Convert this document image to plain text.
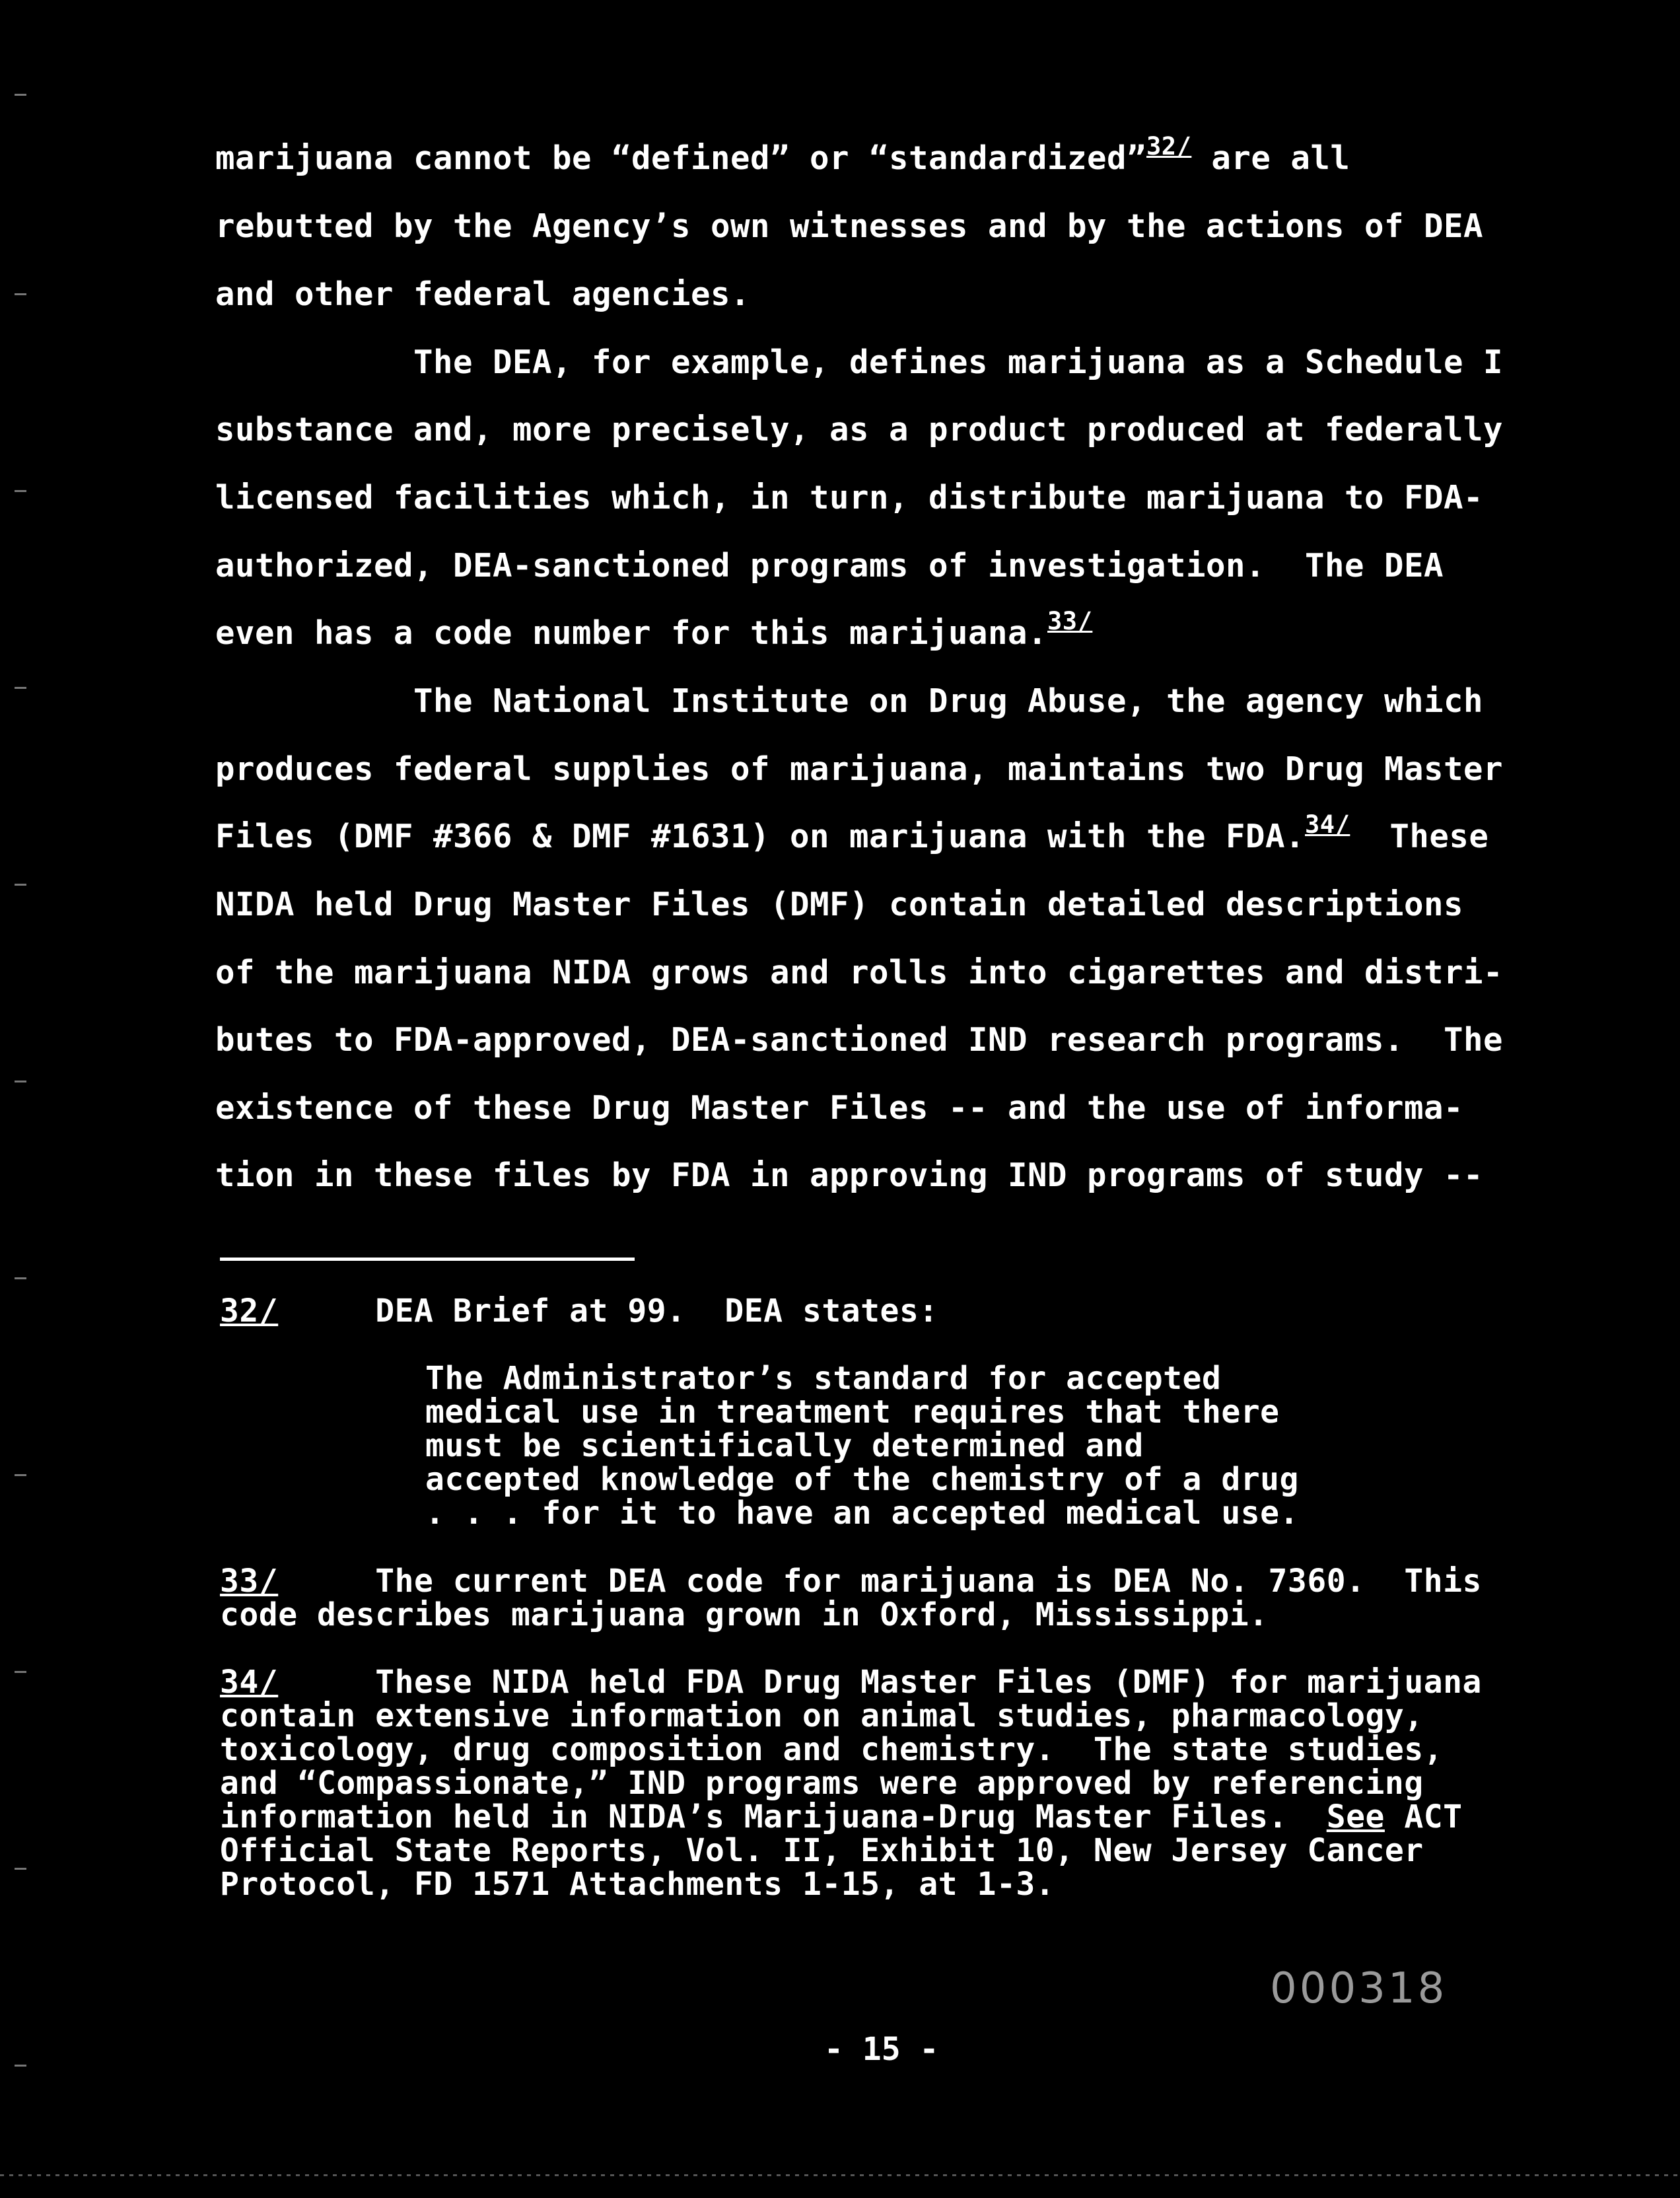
marijuana cannot be “defined” or “standardized”$^{32/}$ are all
rebutted by the Agency’s own witnesses and by the actions of DEA
and other federal agencies.
The DEA, for example, defines marijuana as a Schedule I
substance and, more precisely, as a product produced at federally
licensed facilities which, in turn, distribute marijuana to FDA-
authorized, DEA-sanctioned programs of investigation.  The DEA
even has a code number for this marijuana.$^{33/}$
The National Institute on Drug Abuse, the agency which
produces federal supplies of marijuana, maintains two Drug Master
Files (DMF #366 & DMF #1631) on marijuana with the FDA.$^{34/}$  These
NIDA held Drug Master Files (DMF) contain detailed descriptions
of the marijuana NIDA grows and rolls into cigarettes and distri-
butes to FDA-approved, DEA-sanctioned IND research programs.  The
existence of these Drug Master Files -- and the use of informa-
tion in these files by FDA in approving IND programs of study --
32/     DEA Brief at 99.  DEA states:
The Administrator’s standard for accepted
medical use in treatment requires that there
must be scientifically determined and
accepted knowledge of the chemistry of a drug
. . . for it to have an accepted medical use.
33/     The current DEA code for marijuana is DEA No. 7360.  This
code describes marijuana grown in Oxford, Mississippi.
34/     These NIDA held FDA Drug Master Files (DMF) for marijuana
contain extensive information on animal studies, pharmacology,
toxicology, drug composition and chemistry.  The state studies,
and “Compassionate,” IND programs were approved by referencing
information held in NIDA’s Marijuana-Drug Master Files.  See ACT
Official State Reports, Vol. II, Exhibit 10, New Jersey Cancer
Protocol, FD 1571 Attachments 1-15, at 1-3.
000318
- 15 -
